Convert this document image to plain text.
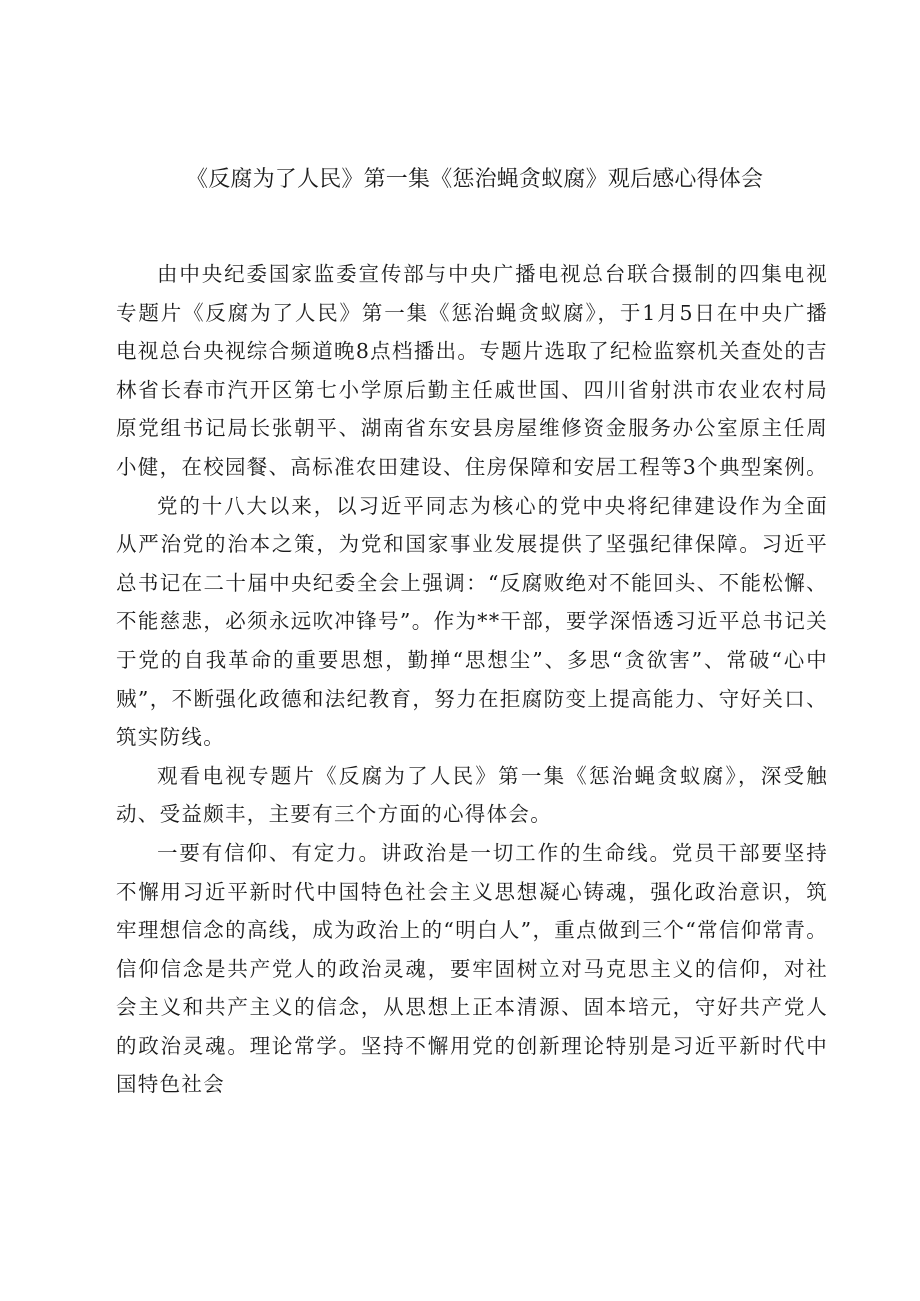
《反腐为了人民》第一集《惩治蝇贪蚁腐》观后感心得体会

由中央纪委国家监委宣传部与中央广播电视总台联合摄制的四集电视专题片《反腐为了人民》第一集《惩治蝇贪蚁腐》，于1月5日在中央广播电视总台央视综合频道晚8点档播出。专题片选取了纪检监察机关查处的吉林省长春市汽开区第七小学原后勤主任戚世国、四川省射洪市农业农村局原党组书记局长张朝平、湖南省东安县房屋维修资金服务办公室原主任周小健，在校园餐、高标准农田建设、住房保障和安居工程等3个典型案例。

党的十八大以来，以习近平同志为核心的党中央将纪律建设作为全面从严治党的治本之策，为党和国家事业发展提供了坚强纪律保障。习近平总书记在二十届中央纪委全会上强调：“反腐败绝对不能回头、不能松懈、不能慈悲，必须永远吹冲锋号”。作为**干部，要学深悟透习近平总书记关于党的自我革命的重要思想，勤掸“思想尘”、多思“贪欲害”、常破“心中贼”，不断强化政德和法纪教育，努力在拒腐防变上提高能力、守好关口、筑实防线。

观看电视专题片《反腐为了人民》第一集《惩治蝇贪蚁腐》，深受触动、受益颇丰，主要有三个方面的心得体会。

一要有信仰、有定力。讲政治是一切工作的生命线。党员干部要坚持不懈用习近平新时代中国特色社会主义思想凝心铸魂，强化政治意识，筑牢理想信念的高线，成为政治上的“明白人”，重点做到三个“常信仰常青。信仰信念是共产党人的政治灵魂，要牢固树立对马克思主义的信仰，对社会主义和共产主义的信念，从思想上正本清源、固本培元，守好共产党人的政治灵魂。理论常学。坚持不懈用党的创新理论特别是习近平新时代中国特色社会
